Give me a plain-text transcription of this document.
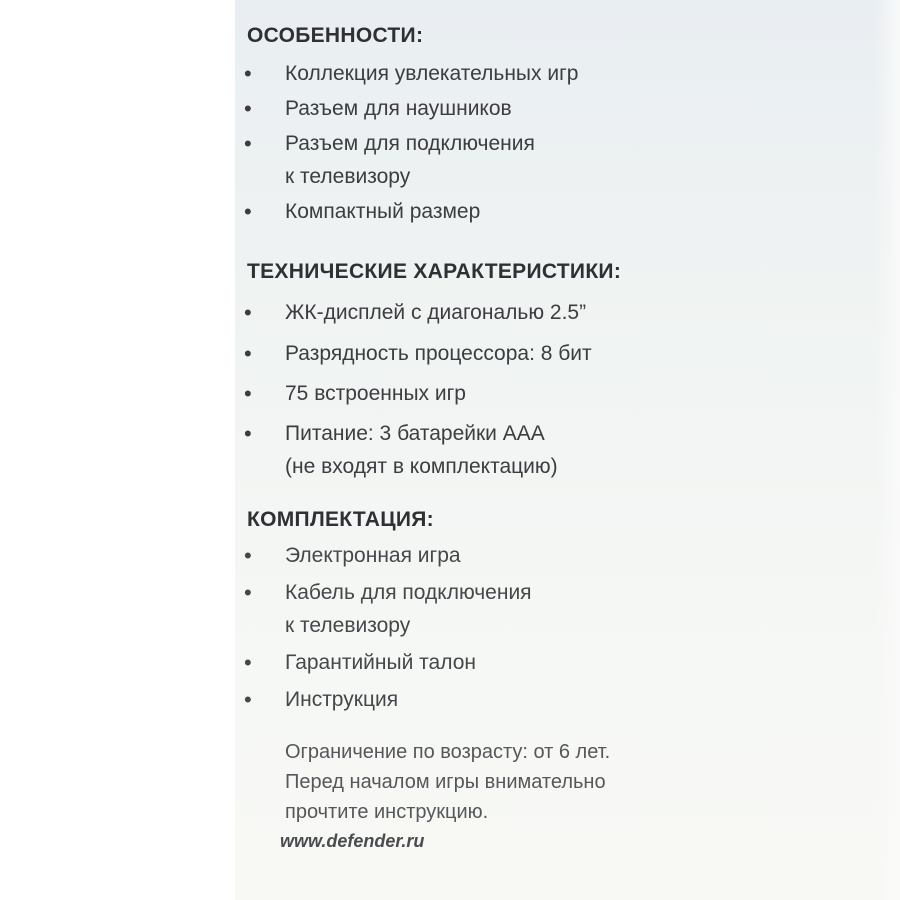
ОСОБЕННОСТИ:
• Коллекция увлекательных игр
• Разъем для наушников
• Разъем для подключения
к телевизору
• Компактный размер
ТЕХНИЧЕСКИЕ ХАРАКТЕРИСТИКИ:
• ЖК-дисплей с диагональю 2.5”
• Разрядность процессора: 8 бит
• 75 встроенных игр
• Питание: 3 батарейки ААА
(не входят в комплектацию)
КОМПЛЕКТАЦИЯ:
• Электронная игра
• Кабель для подключения
к телевизору
• Гарантийный талон
• Инструкция
Ограничение по возрасту: от 6 лет.
Перед началом игры внимательно
прочтите инструкцию.
www.defender.ru
